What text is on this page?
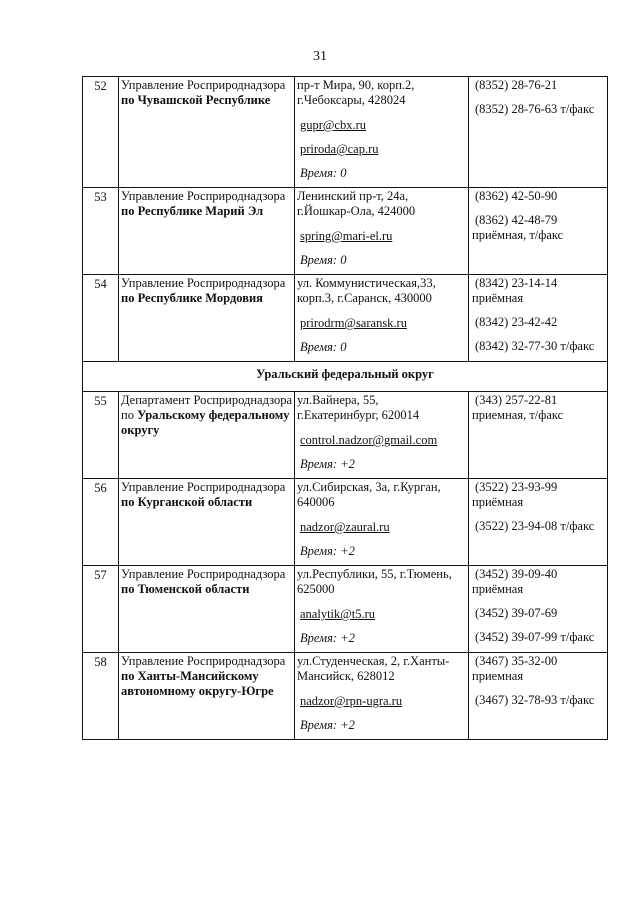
31
52	Управление Росприроднадзора по Чувашской Республике	пр-т Мира, 90, корп.2,
г.Чебоксары, 428024
gupr@cbx.ru
priroda@cap.ru
Время: 0	(8352) 28-76-21
(8352) 28-76-63 т/факс

53	Управление Росприроднадзора по Республике Марий Эл	Ленинский пр-т, 24а,
г.Йошкар-Ола, 424000
spring@mari-el.ru
Время: 0	(8362) 42-50-90
(8362) 42-48-79
приёмная, т/факс

54	Управление Росприроднадзора по Республике Мордовия	ул. Коммунистическая,33,
корп.3, г.Саранск, 430000
prirodrm@saransk.ru
Время: 0	(8342) 23-14-14
приёмная
(8342) 23-42-42
(8342) 32-77-30 т/факс

Уральский федеральный округ			
55	Департамент Росприроднадзора по Уральскому федеральному округу	ул.Вайнера, 55,
г.Екатеринбург, 620014
control.nadzor@gmail.com
Время: +2	(343) 257-22-81
приемная, т/факс

56	Управление Росприроднадзора по Курганской области	ул.Сибирская, 3а, г.Курган,
640006
nadzor@zaural.ru
Время: +2	(3522) 23-93-99
приёмная
(3522) 23-94-08 т/факс

57	Управление Росприроднадзора по Тюменской области	ул.Республики, 55, г.Тюмень,
625000
analytik@t5.ru
Время: +2	(3452) 39-09-40
приёмная
(3452) 39-07-69
(3452) 39-07-99 т/факс

58	Управление Росприроднадзора по Ханты-Мансийскому автономному округу-Югре	ул.Студенческая, 2, г.Ханты-
Мансийск, 628012
nadzor@rpn-ugra.ru
Время: +2	(3467) 35-32-00
приемная
(3467) 32-78-93 т/факс
